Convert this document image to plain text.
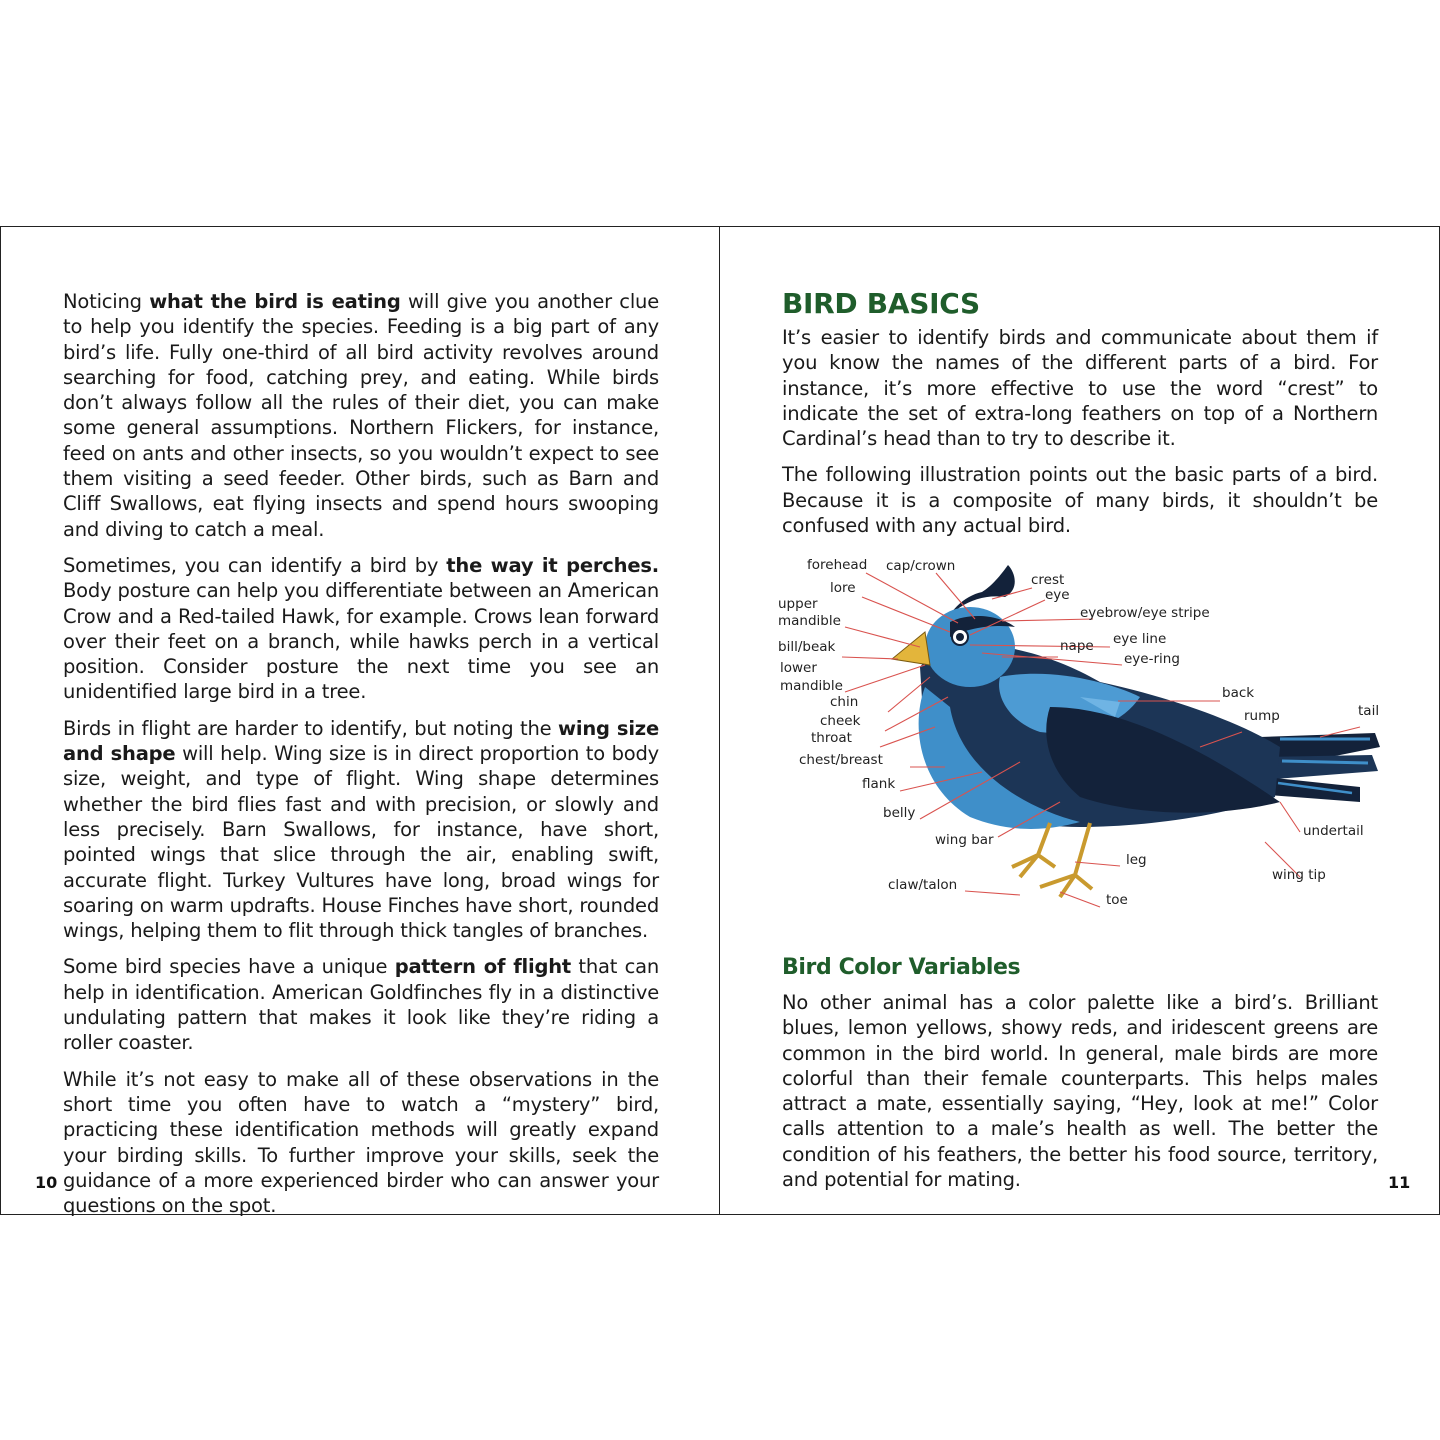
Noticing what the bird is eating will give you another clue to help you identify the species. Feeding is a big part of any bird’s life. Fully one-third of all bird activity revolves around searching for food, catching prey, and eating. While birds don’t always follow all the rules of their diet, you can make some general assumptions. Northern Flickers, for instance, feed on ants and other insects, so you wouldn’t expect to see them visiting a seed feeder. Other birds, such as Barn and Cliff Swallows, eat flying insects and spend hours swooping and diving to catch a meal.

Sometimes, you can identify a bird by the way it perches. Body posture can help you differentiate between an American Crow and a Red-tailed Hawk, for example. Crows lean forward over their feet on a branch, while hawks perch in a vertical position. Consider posture the next time you see an unidentified large bird in a tree.

Birds in flight are harder to identify, but noting the wing size and shape will help. Wing size is in direct proportion to body size, weight, and type of flight. Wing shape determines whether the bird flies fast and with precision, or slowly and less precisely. Barn Swallows, for instance, have short, pointed wings that slice through the air, enabling swift, accurate flight. Turkey Vultures have long, broad wings for soaring on warm updrafts. House Finches have short, rounded wings, helping them to flit through thick tangles of branches.

Some bird species have a unique pattern of flight that can help in identification. American Goldfinches fly in a distinctive undulating pattern that makes it look like they’re riding a roller coaster.

While it’s not easy to make all of these observations in the short time you often have to watch a “mystery” bird, practicing these identification methods will greatly expand your birding skills. To further improve your skills, seek the guidance of a more experienced birder who can answer your questions on the spot.

10
BIRD BASICS

It’s easier to identify birds and communicate about them if you know the names of the different parts of a bird. For instance, it’s more effective to use the word “crest” to indicate the set of extra-long feathers on top of a Northern Cardinal’s head than to try to describe it.

The following illustration points out the basic parts of a bird. Because it is a composite of many birds, it shouldn’t be confused with any actual bird.

forehead cap/crown
lore	crest
eye
upper
mandible	eyebrow/eye stripe
bill/beak	eye line
nape
eye-ring
lower
mandible	back
chin
tail
rump
cheek
throat
chest/breast
flank
belly
undertail
wing bar
leg
wing tip
claw/talon
toe
Bird Color Variables

No other animal has a color palette like a bird’s. Brilliant blues, lemon yellows, showy reds, and iridescent greens are common in the bird world. In general, male birds are more colorful than their female counterparts. This helps males attract a mate, essentially saying, “Hey, look at me!” Color calls attention to a male’s health as well. The better the condition of his feathers, the better his food source, territory, and potential for mating.	11
